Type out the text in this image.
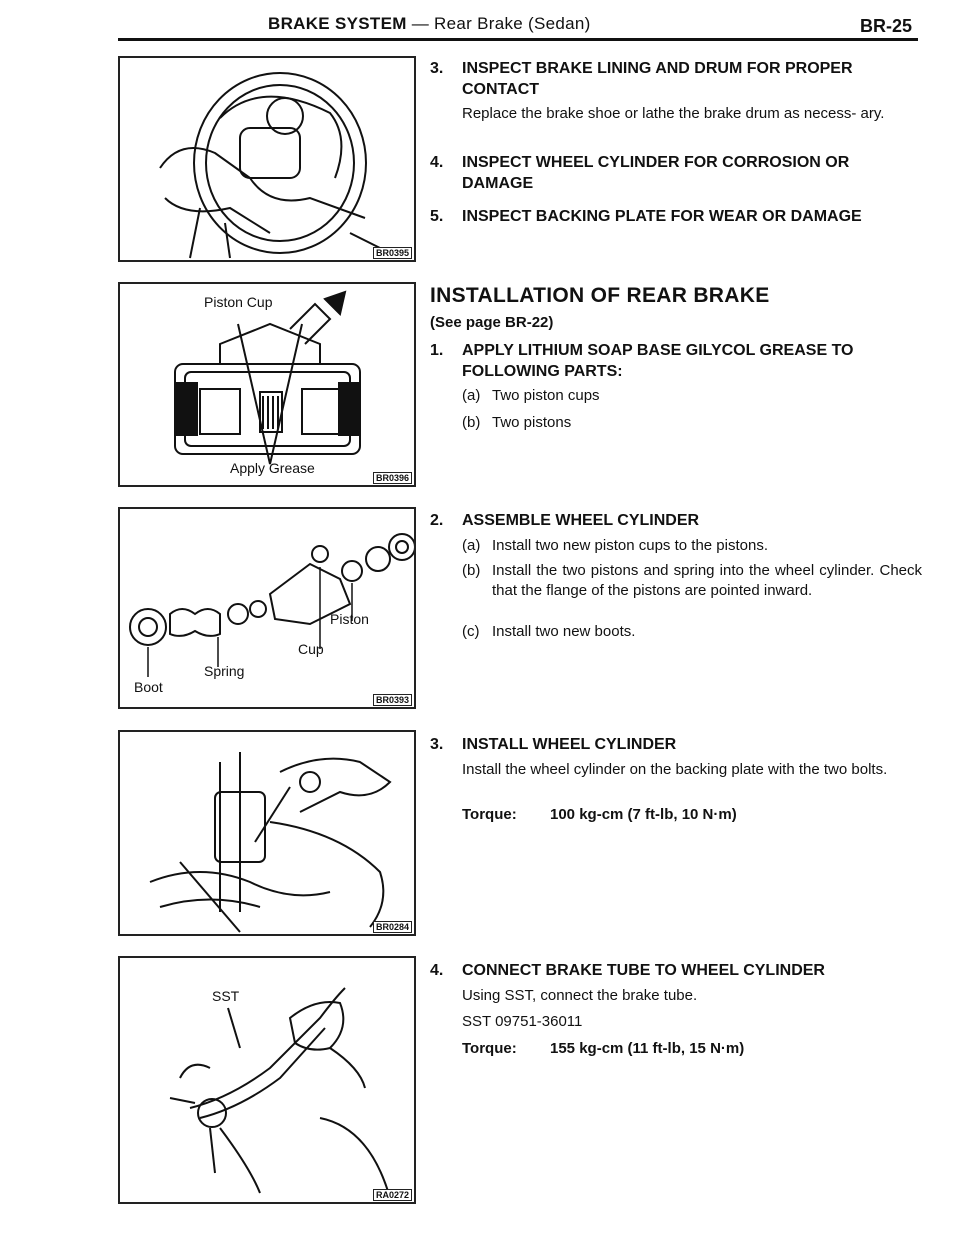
BRAKE SYSTEM — Rear Brake (Sedan)	BR-25
BR0395
Piston Cup
Apply Grease
BR0396
Piston
Cup
Spring
Boot
BR0393
BR0284
SST
RA0272
3. INSPECT BRAKE LINING AND DRUM FOR PROPER CONTACT
Replace the brake shoe or lathe the brake drum as necess- ary.
4. INSPECT WHEEL CYLINDER FOR CORROSION OR DAMAGE
5. INSPECT BACKING PLATE FOR WEAR OR DAMAGE
INSTALLATION OF REAR BRAKE
(See page BR-22)
1. APPLY LITHIUM SOAP BASE GILYCOL GREASE TO FOLLOWING PARTS:
(a) Two piston cups
(b) Two pistons
2. ASSEMBLE WHEEL CYLINDER
(a) Install two new piston cups to the pistons.
(b) Install the two pistons and spring into the wheel cylinder. Check that the flange of the pistons are pointed inward.
(c) Install two new boots.
3. INSTALL WHEEL CYLINDER
Install the wheel cylinder on the backing plate with the two bolts.
Torque: 100 kg-cm (7 ft-lb, 10 N·m)
4. CONNECT BRAKE TUBE TO WHEEL CYLINDER
Using SST, connect the brake tube.
SST 09751-36011
Torque: 155 kg-cm (11 ft-lb, 15 N·m)
